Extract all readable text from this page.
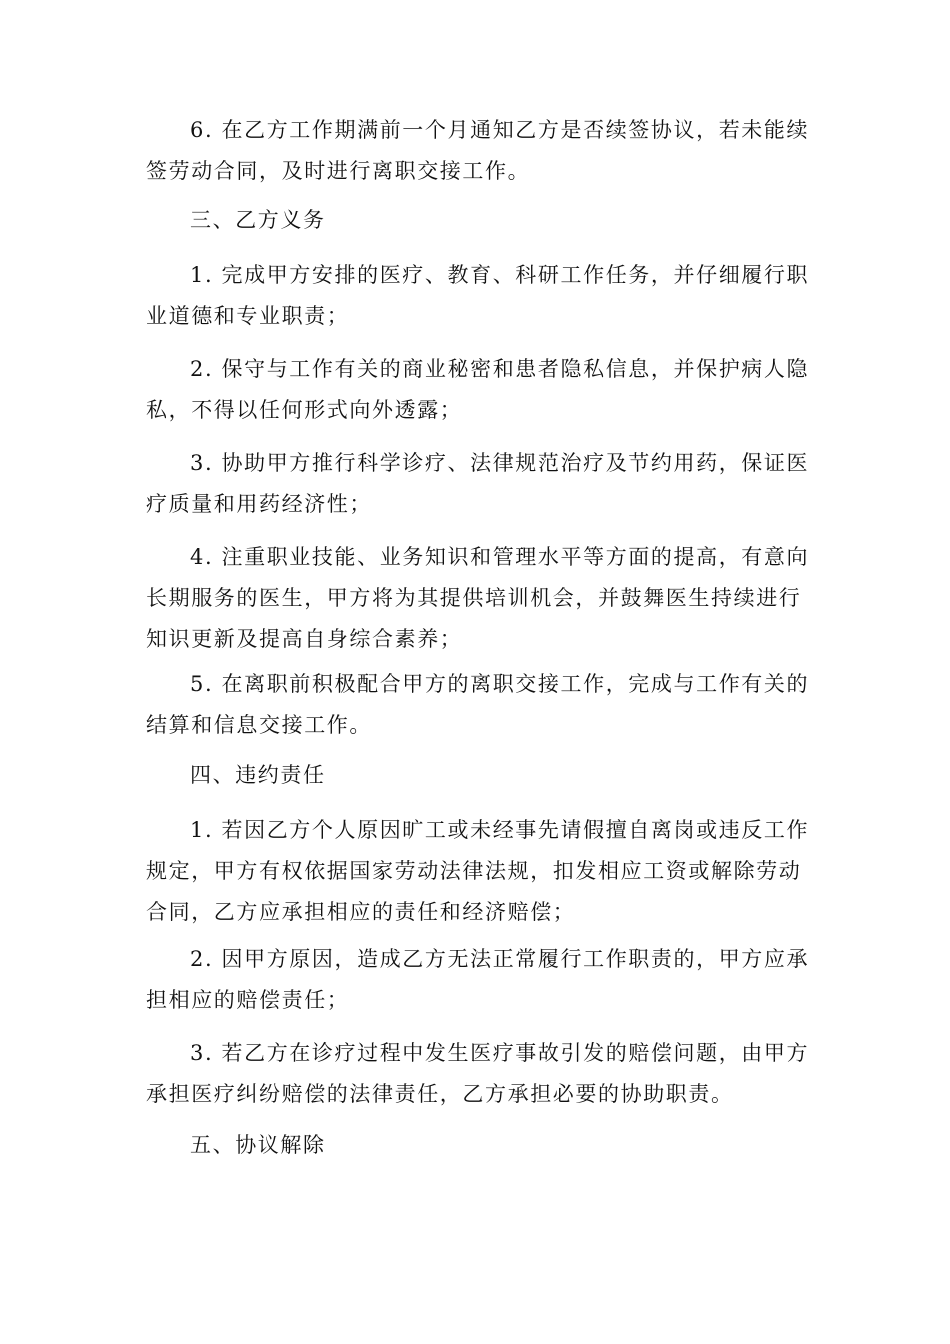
6. 在乙方工作期满前一个月通知乙方是否续签协议，若未能续
签劳动合同，及时进行离职交接工作。
三、乙方义务
1. 完成甲方安排的医疗、教育、科研工作任务，并仔细履行职
业道德和专业职责；
2. 保守与工作有关的商业秘密和患者隐私信息，并保护病人隐
私，不得以任何形式向外透露；
3. 协助甲方推行科学诊疗、法律规范治疗及节约用药，保证医
疗质量和用药经济性；
4. 注重职业技能、业务知识和管理水平等方面的提高，有意向
长期服务的医生，甲方将为其提供培训机会，并鼓舞医生持续进行
知识更新及提高自身综合素养；
5. 在离职前积极配合甲方的离职交接工作，完成与工作有关的
结算和信息交接工作。
四、违约责任
1. 若因乙方个人原因旷工或未经事先请假擅自离岗或违反工作
规定，甲方有权依据国家劳动法律法规，扣发相应工资或解除劳动
合同，乙方应承担相应的责任和经济赔偿；
2. 因甲方原因，造成乙方无法正常履行工作职责的，甲方应承
担相应的赔偿责任；
3. 若乙方在诊疗过程中发生医疗事故引发的赔偿问题，由甲方
承担医疗纠纷赔偿的法律责任，乙方承担必要的协助职责。
五、协议解除
